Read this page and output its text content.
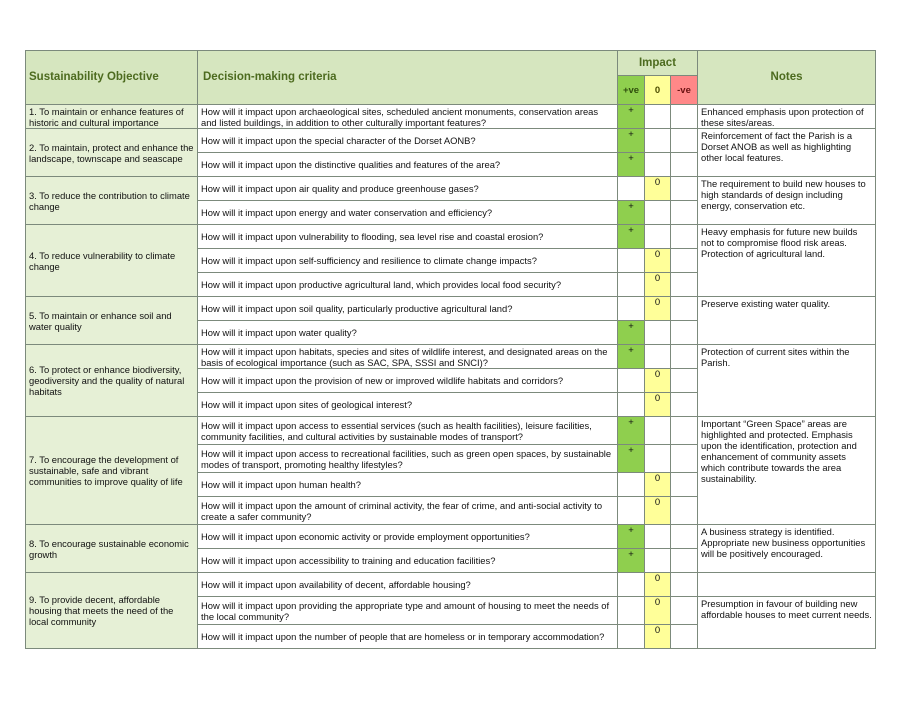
Sustainability Objective	Decision-making criteria	Impact			Notes
		+ve	0	-ve	
1. To maintain or enhance features of historic and cultural importance	How will it impact upon archaeological sites, scheduled ancient monuments, conservation areas and listed buildings, in addition to other culturally important features?	+			Enhanced emphasis upon protection of these sites/areas.
2. To maintain, protect and enhance the landscape, townscape and seascape	How will it impact upon the special character of the Dorset AONB?	+			Reinforcement of fact the Parish is a Dorset ANOB as well as highlighting other local features.
	How will it impact upon the distinctive qualities and features of the area?	+			
3. To reduce the contribution to climate change	How will it impact upon air quality and produce greenhouse gases?		0		The requirement to build new houses to high standards of design including energy, conservation etc.
	How will it impact upon energy and water conservation and efficiency?	+			
4. To reduce vulnerability to climate change	How will it impact upon vulnerability to flooding, sea level rise and coastal erosion?	+			Heavy emphasis for future new builds not to compromise flood risk areas. Protection of agricultural land.
	How will it impact upon self-sufficiency and resilience to climate change impacts?		0		
	How will it impact upon productive agricultural land, which provides local food security?		0		
5. To maintain or enhance soil and water quality	How will it impact upon soil quality, particularly productive agricultural land?		0		Preserve existing water quality.
	How will it impact upon water quality?	+			
6. To protect or enhance biodiversity, geodiversity and the quality of natural habitats	How will it impact upon habitats, species and sites of wildlife interest, and designated areas on the basis of ecological importance (such as SAC, SPA, SSSI and SNCI)?	+			Protection of current sites within the Parish.
	How will it impact upon the provision of new or improved wildlife habitats and corridors?		0		
	How will it impact upon sites of geological interest?		0		
7. To encourage the development of sustainable, safe and vibrant communities to improve quality of life	How will it impact upon access to essential services (such as health facilities), leisure facilities, community facilities, and cultural activities by sustainable modes of transport?	+			Important “Green Space” areas are highlighted and protected. Emphasis upon the identification, protection and enhancement of community assets which contribute towards the area sustainability.
	How will it impact upon access to recreational facilities, such as green open spaces, by sustainable modes of transport, promoting healthy lifestyles?	+			
	How will it impact upon human health?		0		
	How will it impact upon the amount of criminal activity, the fear of crime, and anti-social activity to create a safer community?		0		
8. To encourage sustainable economic growth	How will it impact upon economic activity or provide employment opportunities?	+			A business strategy is identified. Appropriate new business opportunities will be positively encouraged.
	How will it impact upon accessibility to training and education facilities?	+			
9. To provide decent, affordable housing that meets the need of the local community	How will it impact upon availability of decent, affordable housing?		0		
	How will it impact upon providing the appropriate type and amount of housing to meet the needs of the local community?		0		Presumption in favour of building new affordable houses to meet current needs.
	How will it impact upon the number of people that are homeless or in temporary accommodation?		0		
